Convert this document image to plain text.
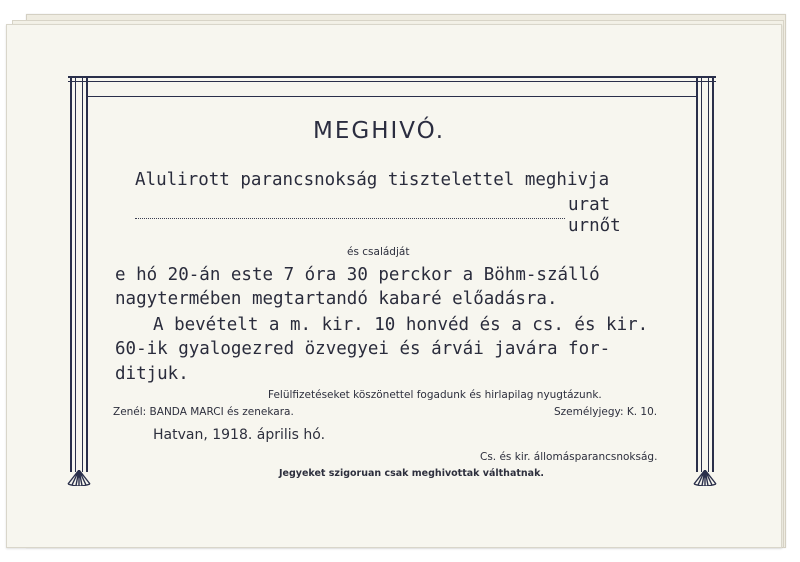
MEGHIVÓ.
Alulirott parancsnokság tisztelettel meghivja
urat
urnőt
és családját
e hó 20-án este 7 óra 30 perckor a Böhm-szálló
nagytermében megtartandó kabaré előadásra.
A bevételt a m. kir. 10 honvéd és a cs. és kir.
60-ik gyalogezred özvegyei és árvái javára for-
ditjuk.
Felülfizetéseket köszönettel fogadunk és hirlapilag nyugtázunk.
Zenél: BANDA MARCI és zenekara.	Személyjegy: K. 10.
Hatvan, 1918. április hó.
Cs. és kir. állomásparancsnokság.
Jegyeket szigoruan csak meghivottak válthatnak.
